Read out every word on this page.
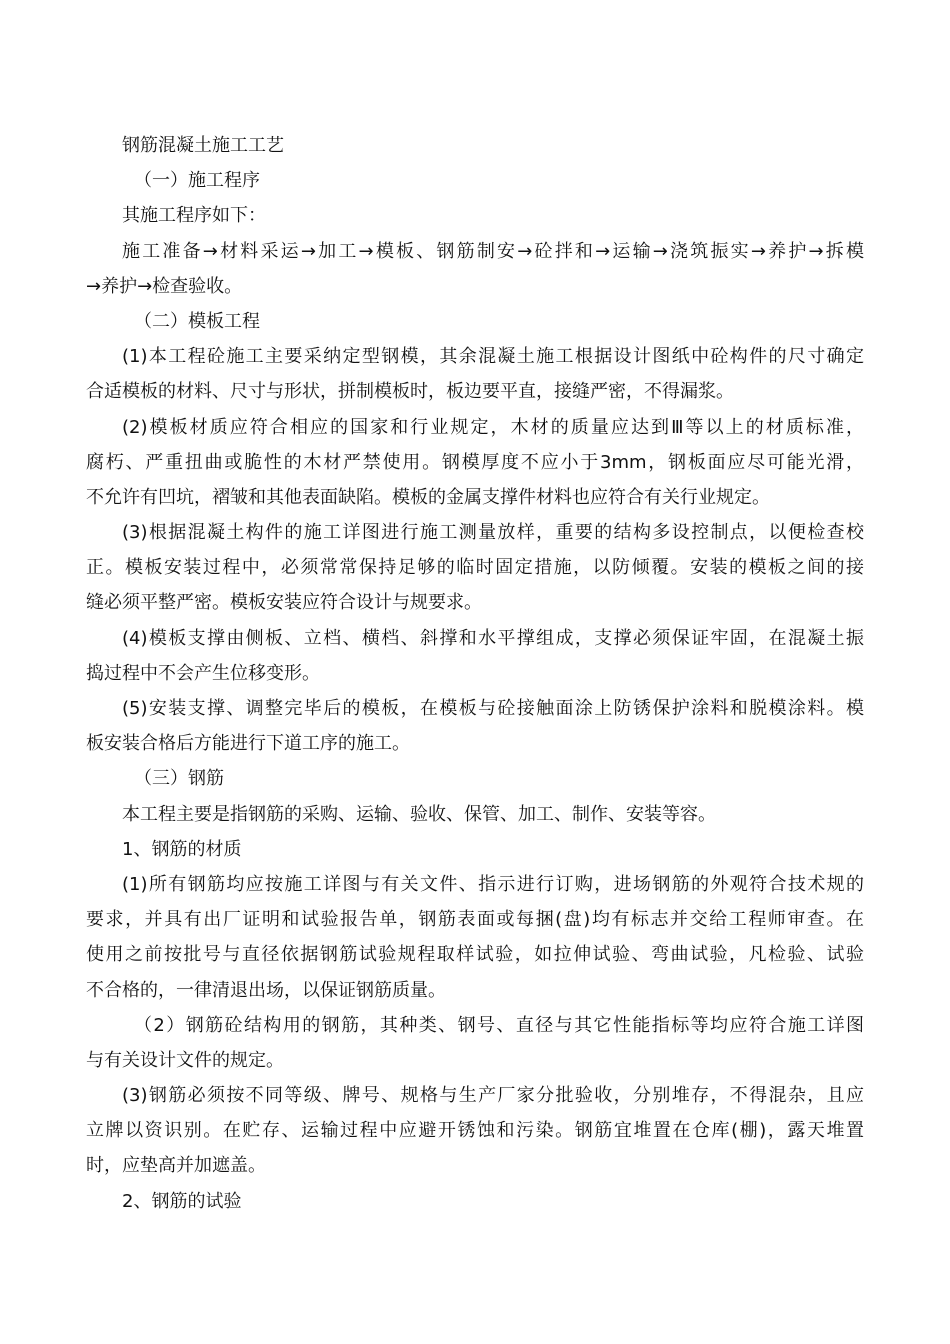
钢筋混凝土施工工艺
（一）施工程序
其施工程序如下：
施工准备→材料采运→加工→模板、钢筋制安→砼拌和→运输→浇筑振实→养护→拆模
→养护→检查验收。
（二）模板工程
(1)本工程砼施工主要采纳定型钢模，其余混凝土施工根据设计图纸中砼构件的尺寸确定
合适模板的材料、尺寸与形状，拼制模板时，板边要平直，接缝严密，不得漏浆。
(2)模板材质应符合相应的国家和行业规定，木材的质量应达到Ⅲ等以上的材质标准，
腐朽、严重扭曲或脆性的木材严禁使用。钢模厚度不应小于3mm，钢板面应尽可能光滑，
不允许有凹坑，褶皱和其他表面缺陷。模板的金属支撑件材料也应符合有关行业规定。
(3)根据混凝土构件的施工详图进行施工测量放样，重要的结构多设控制点，以便检查校
正。模板安装过程中，必须常常保持足够的临时固定措施，以防倾覆。安装的模板之间的接
缝必须平整严密。模板安装应符合设计与规要求。
(4)模板支撑由侧板、立档、横档、斜撑和水平撑组成，支撑必须保证牢固，在混凝土振
捣过程中不会产生位移变形。
(5)安装支撑、调整完毕后的模板，在模板与砼接触面涂上防锈保护涂料和脱模涂料。模
板安装合格后方能进行下道工序的施工。
（三）钢筋
本工程主要是指钢筋的采购、运输、验收、保管、加工、制作、安装等容。
1、钢筋的材质
(1)所有钢筋均应按施工详图与有关文件、指示进行订购，进场钢筋的外观符合技术规的
要求，并具有出厂证明和试验报告单，钢筋表面或每捆(盘)均有标志并交给工程师审查。在
使用之前按批号与直径依据钢筋试验规程取样试验，如拉伸试验、弯曲试验，凡检验、试验
不合格的，一律清退出场，以保证钢筋质量。
（2）钢筋砼结构用的钢筋，其种类、钢号、直径与其它性能指标等均应符合施工详图
与有关设计文件的规定。
(3)钢筋必须按不同等级、牌号、规格与生产厂家分批验收，分别堆存，不得混杂，且应
立牌以资识别。在贮存、运输过程中应避开锈蚀和污染。钢筋宜堆置在仓库(棚)，露天堆置
时，应垫高并加遮盖。
2、钢筋的试验
